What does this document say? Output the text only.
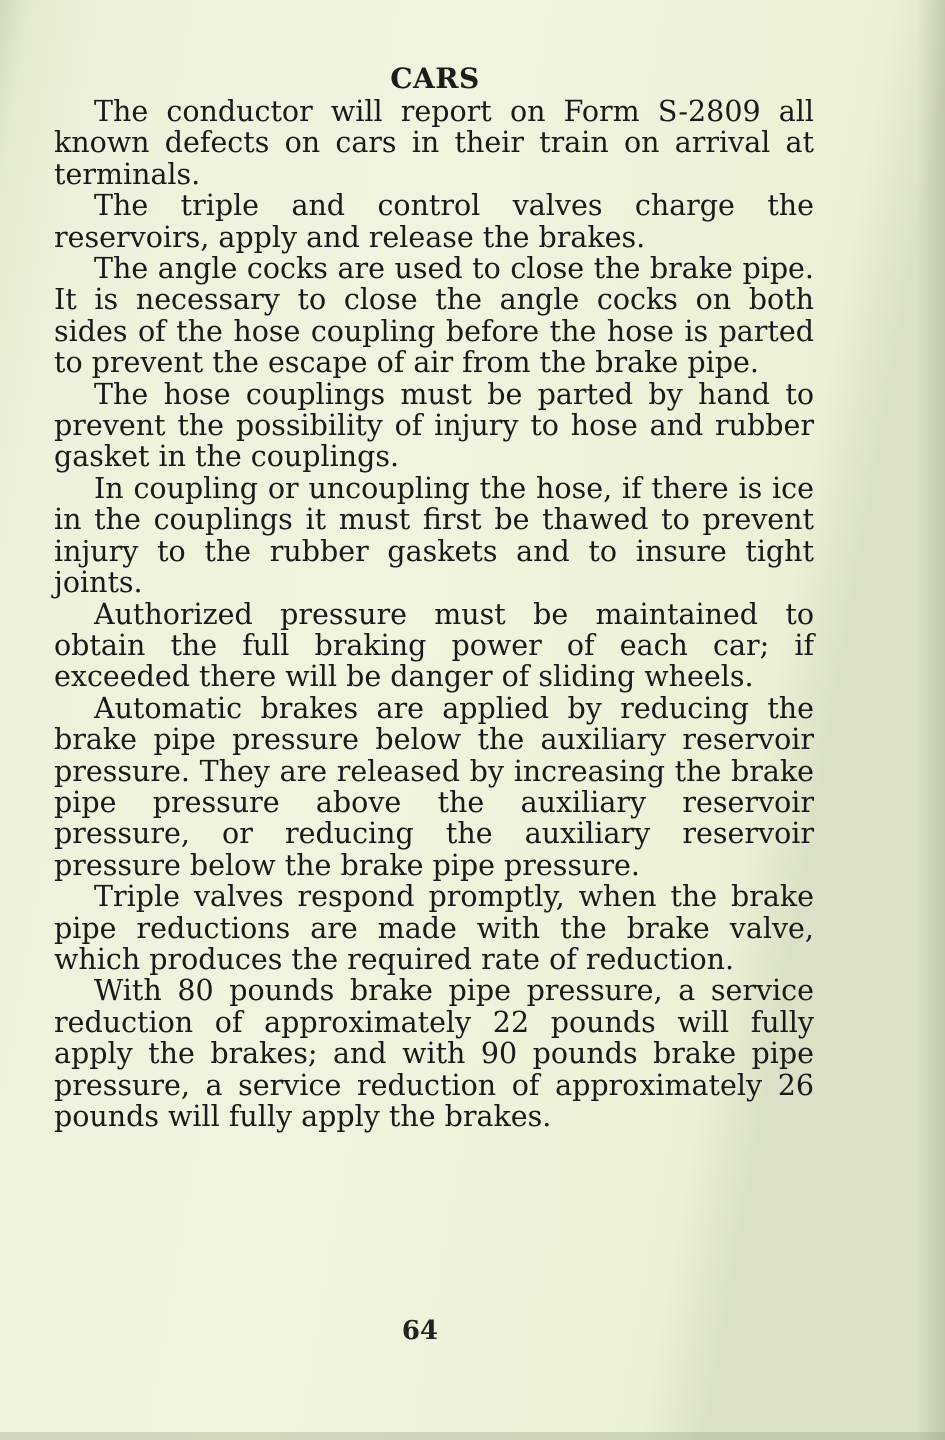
CARS

The conductor will report on Form S-2809 all known defects on cars in their train on arrival at terminals.

The triple and control valves charge the reservoirs, apply and release the brakes.

The angle cocks are used to close the brake pipe. It is necessary to close the angle cocks on both sides of the hose coupling before the hose is parted to prevent the escape of air from the brake pipe.

The hose couplings must be parted by hand to prevent the possibility of injury to hose and rubber gasket in the couplings.

In coupling or uncoupling the hose, if there is ice in the couplings it must first be thawed to prevent injury to the rubber gaskets and to insure tight joints.

Authorized pressure must be maintained to obtain the full braking power of each car; if exceeded there will be danger of sliding wheels.

Automatic brakes are applied by reducing the brake pipe pressure below the auxiliary reservoir pressure. They are released by increasing the brake pipe pressure above the auxiliary reservoir pressure, or reducing the auxiliary reservoir pressure below the brake pipe pressure.

Triple valves respond promptly, when the brake pipe reductions are made with the brake valve, which produces the required rate of reduction.

With 80 pounds brake pipe pressure, a service reduction of approximately 22 pounds will fully apply the brakes; and with 90 pounds brake pipe pressure, a service reduction of approximately 26 pounds will fully apply the brakes.

64
